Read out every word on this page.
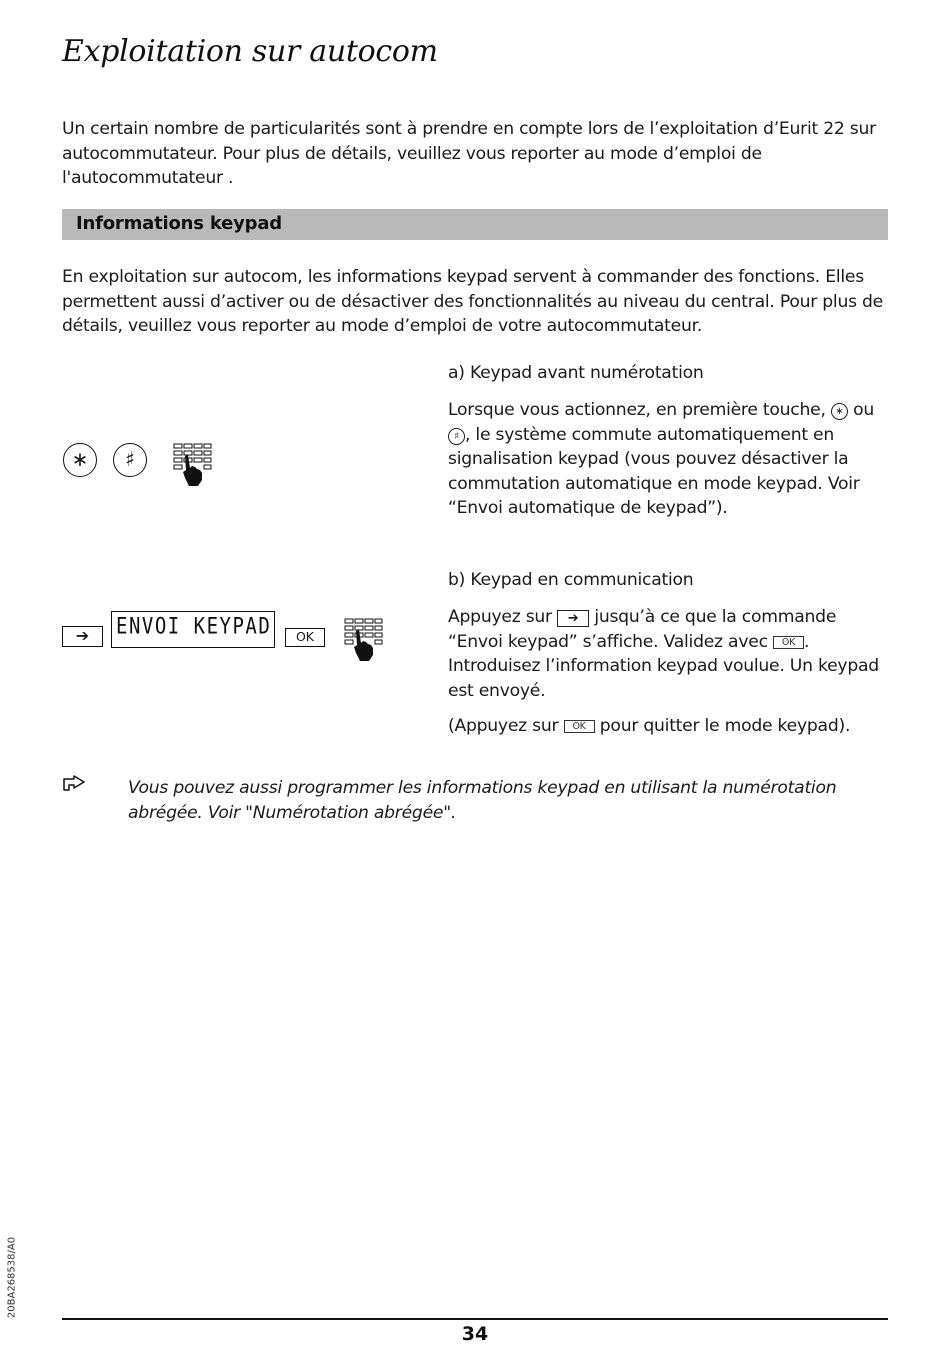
Exploitation sur autocom

Un certain nombre de particularités sont à prendre en compte lors de l’exploitation d’Eurit 22 sur autocommutateur. Pour plus de détails, veuillez vous reporter au mode d’emploi de l'autocommutateur .

Informations keypad

En exploitation sur autocom, les informations keypad servent à commander des fonctions. Elles permettent aussi d’activer ou de désactiver des fonctionnalités au niveau du central. Pour plus de détails, veuillez vous reporter au mode d’emploi de votre autocommutateur.

∗	♯
a) Keypad avant numérotation

Lorsque vous actionnez, en première touche, ∗ ou
♯ , le système commute automatiquement en signalisation keypad (vous pouvez désactiver la commutation automatique en mode keypad. Voir “Envoi automatique de keypad”).

➔	ENVOI KEYPAD	OK
b) Keypad en communication

Appuyez sur ➔ jusqu’à ce que la commande “Envoi keypad” s’affiche. Validez avec OK . Introduisez l’information keypad voulue. Un keypad est envoyé.

(Appuyez sur OK pour quitter le mode keypad).

Vous pouvez aussi programmer les informations keypad en utilisant la numérotation abrégée. Voir "Numérotation abrégée".

20BA268538/A0
34
